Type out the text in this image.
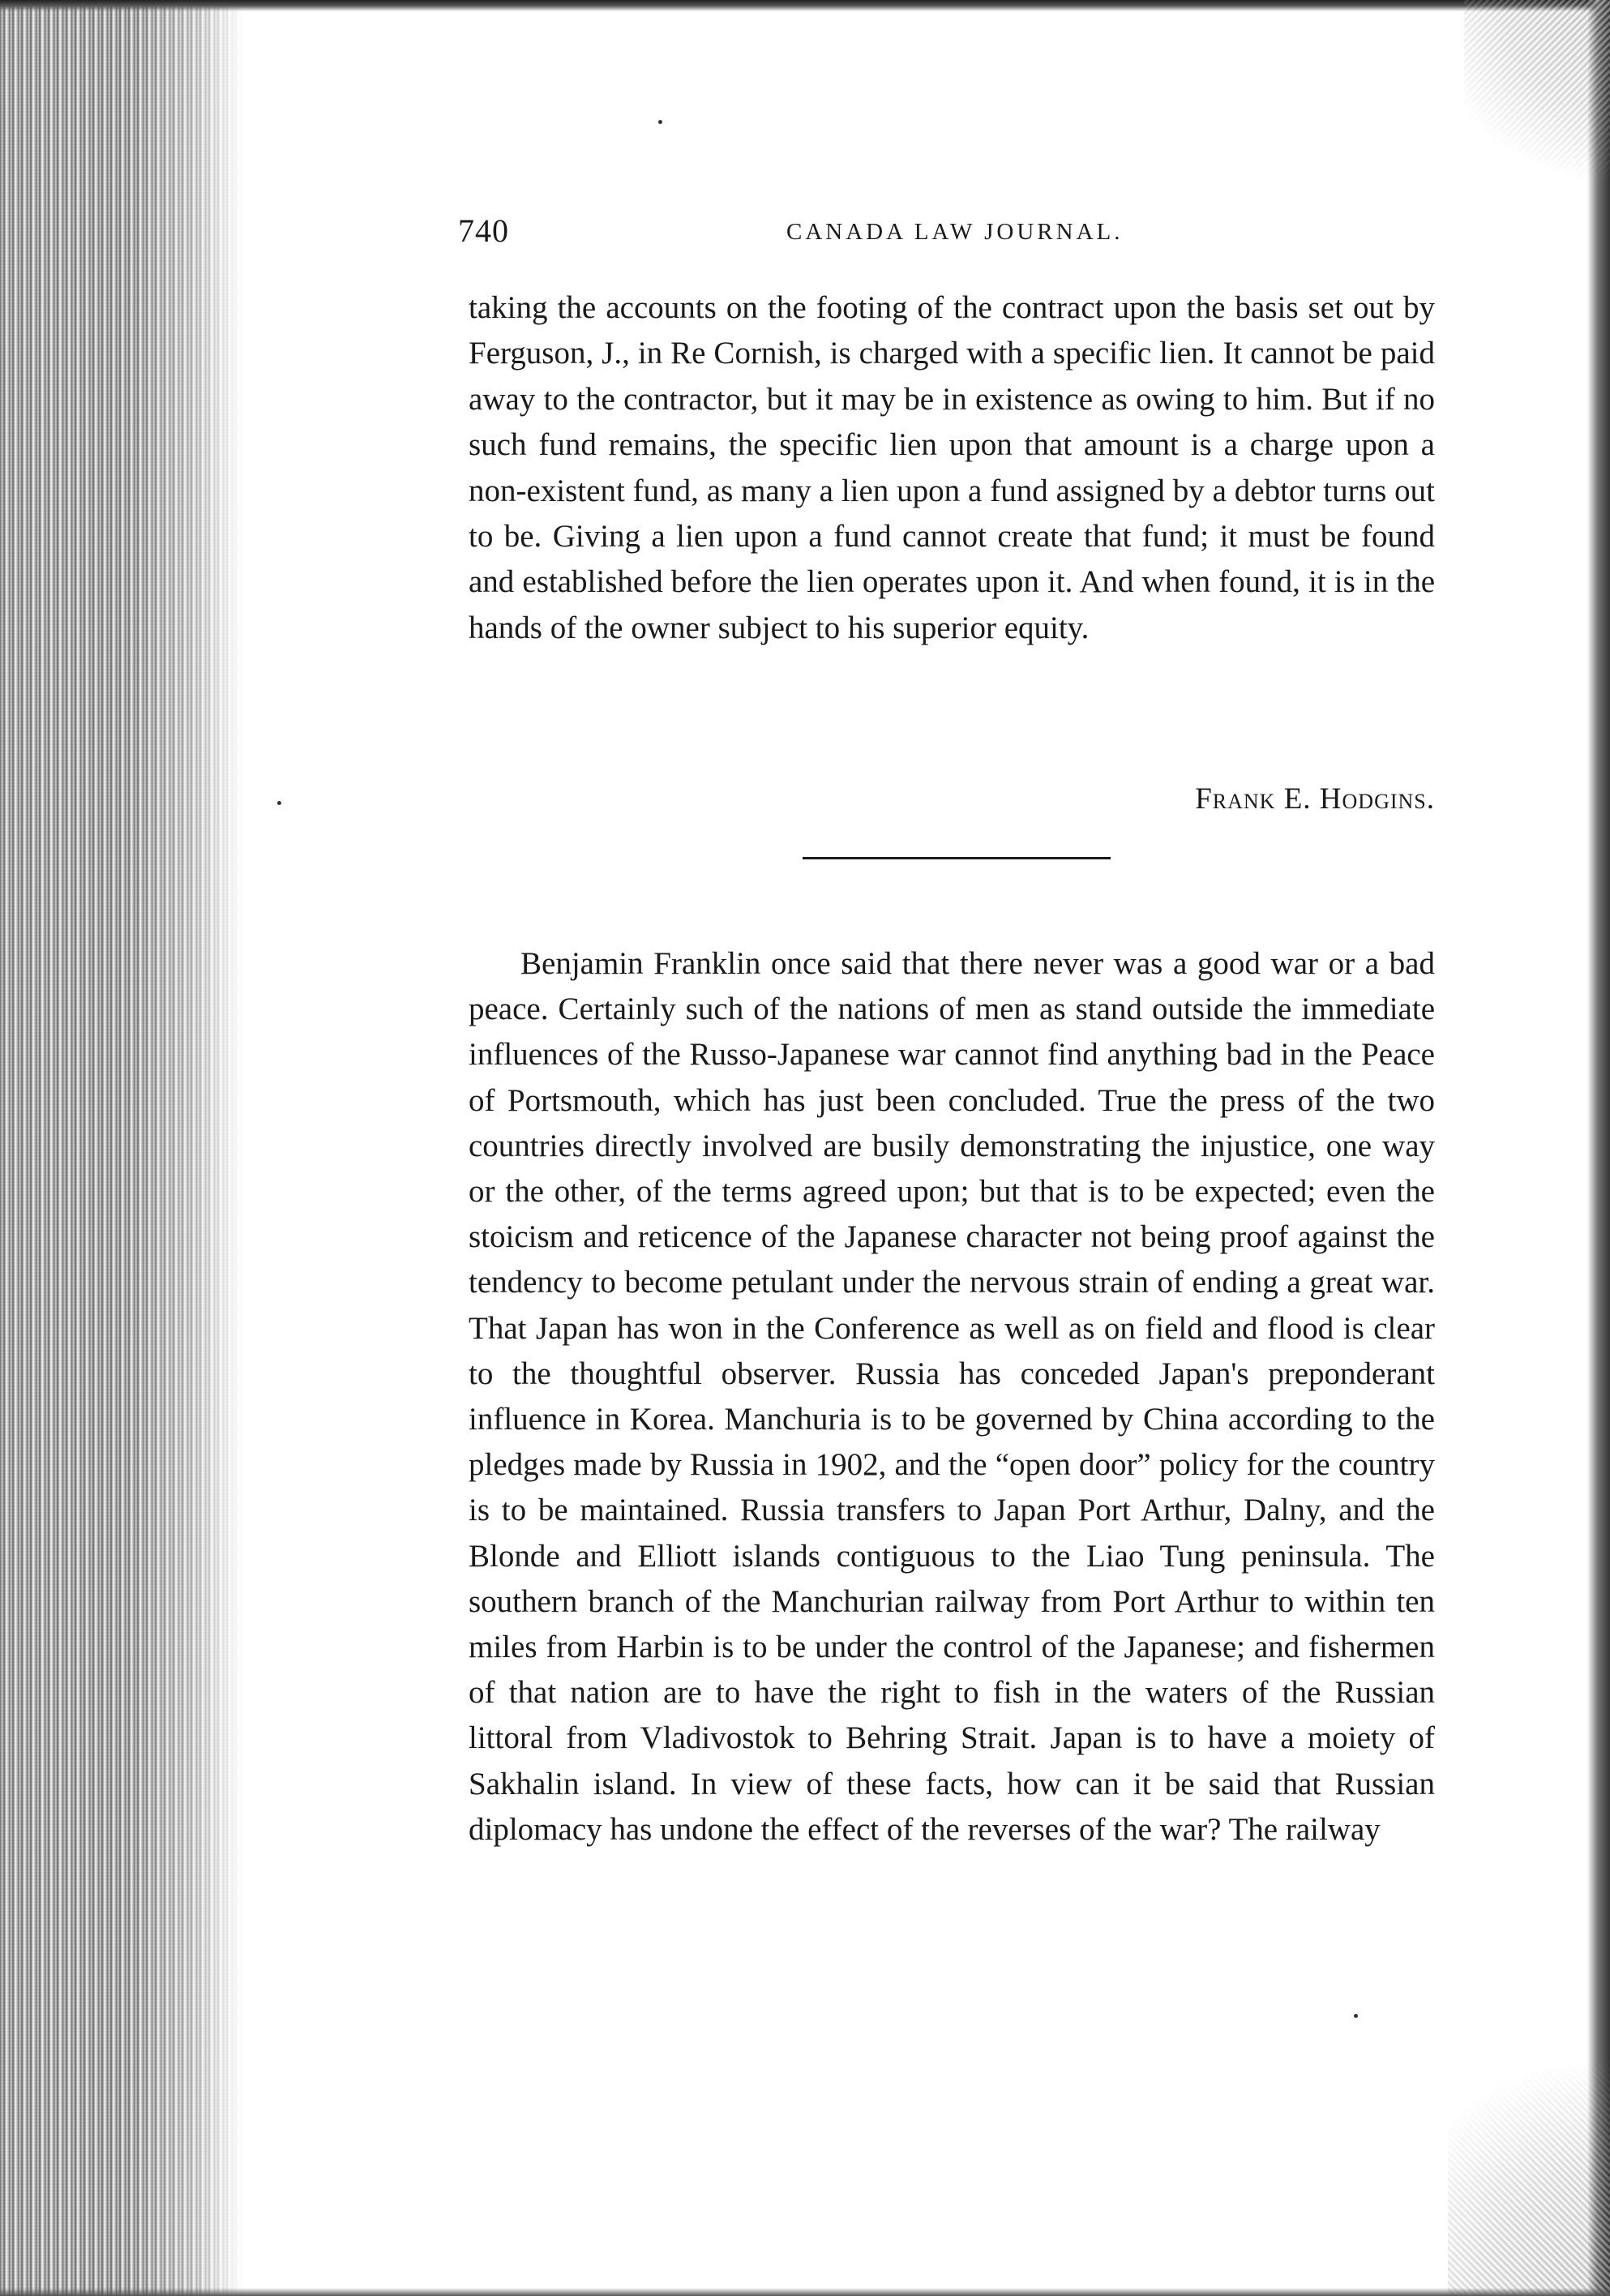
740	CANADA LAW JOURNAL.

taking the accounts on the footing of the contract upon the basis set out by Ferguson, J., in Re Cornish, is charged with a specific lien. It cannot be paid away to the contractor, but it may be in existence as owing to him. But if no such fund remains, the specific lien upon that amount is a charge upon a non-existent fund, as many a lien upon a fund assigned by a debtor turns out to be. Giving a lien upon a fund cannot create that fund; it must be found and established before the lien operates upon it. And when found, it is in the hands of the owner subject to his superior equity.

Frank E. Hodgins.

Benjamin Franklin once said that there never was a good war or a bad peace. Certainly such of the nations of men as stand outside the immediate influences of the Russo-Japanese war cannot find anything bad in the Peace of Portsmouth, which has just been concluded. True the press of the two countries directly involved are busily demonstrating the injustice, one way or the other, of the terms agreed upon; but that is to be expected; even the stoicism and reticence of the Japanese character not being proof against the tendency to become petulant under the nervous strain of ending a great war. That Japan has won in the Conference as well as on field and flood is clear to the thoughtful observer. Russia has conceded Japan's preponderant influence in Korea. Manchuria is to be governed by China according to the pledges made by Russia in 1902, and the “open door” policy for the country is to be maintained. Russia transfers to Japan Port Arthur, Dalny, and the Blonde and Elliott islands contiguous to the Liao Tung peninsula. The southern branch of the Manchurian railway from Port Arthur to within ten miles from Harbin is to be under the control of the Japanese; and fishermen of that nation are to have the right to fish in the waters of the Russian littoral from Vladivostok to Behring Strait. Japan is to have a moiety of Sakhalin island. In view of these facts, how can it be said that Russian diplomacy has undone the effect of the reverses of the war? The railway
